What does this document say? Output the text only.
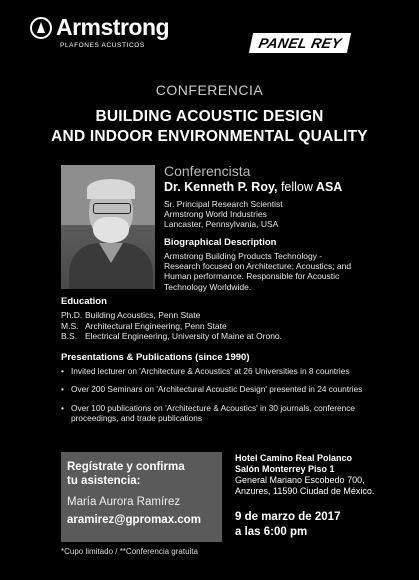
Armstrong
PLAFONES ACUSTICOS	PANEL REY
CONFERENCIA
BUILDING ACOUSTIC DESIGN
AND INDOOR ENVIRONMENTAL QUALITY
Conferencista
Dr. Kenneth P. Roy, fellow ASA
Sr. Principal Research Scientist
Armstrong World Industries
Lancaster, Pennsylvania, USA
Biographical Description
Armstrong Building Products Technology -
Research focused on Architecture; Acoustics; and
Human performance. Responsible for Acoustic
Technology Worldwide.
Education
Ph.D. Building Acoustics, Penn State
M.S. Architectural Engineering, Penn State
B.S. Electrical Engineering, University of Maine at Orono.
Presentations & Publications (since 1990)
• Invited lecturer on 'Architecture & Acoustics' at 26 Universities in 8 countries
• Over 200 Seminars on 'Architectural Acoustic Design' presented in 24 countries
• Over 100 publications on 'Architecture & Acoustics' in 30 journals, conference proceedings, and trade publications
Regístrate y confirma
tu asistencia:
María Aurora Ramírez
aramirez@gpromax.com
Hotel Camino Real Polanco
Salón Monterrey Piso 1
General Mariano Escobedo 700,
Anzures, 11590 Ciudad de México.
9 de marzo de 2017
a las 6:00 pm
*Cupo limitado / **Conferencia gratuita
